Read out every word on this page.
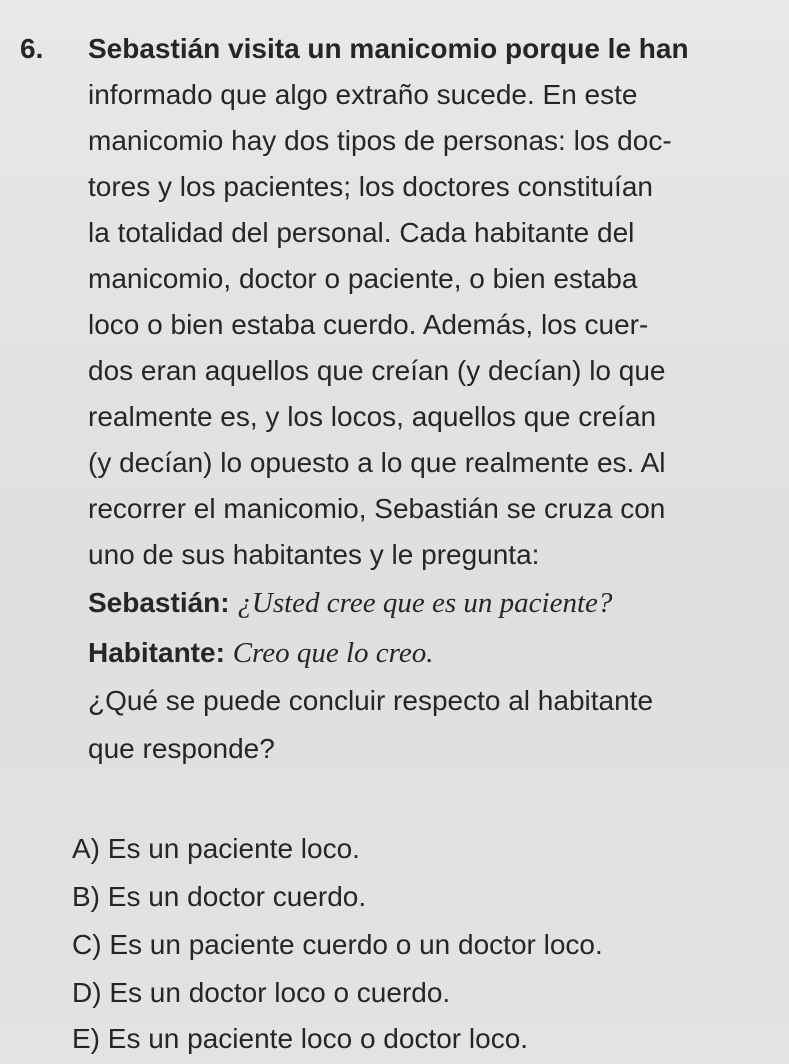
6. Sebastián visita un manicomio porque le han
informado que algo extraño sucede. En este
manicomio hay dos tipos de personas: los doc-
tores y los pacientes; los doctores constituían
la totalidad del personal. Cada habitante del
manicomio, doctor o paciente, o bien estaba
loco o bien estaba cuerdo. Además, los cuer-
dos eran aquellos que creían (y decían) lo que
realmente es, y los locos, aquellos que creían
(y decían) lo opuesto a lo que realmente es. Al
recorrer el manicomio, Sebastián se cruza con
uno de sus habitantes y le pregunta:
Sebastián: ¿Usted cree que es un paciente?
Habitante: Creo que lo creo.
¿Qué se puede concluir respecto al habitante
que responde?
A) Es un paciente loco.
B) Es un doctor cuerdo.
C) Es un paciente cuerdo o un doctor loco.
D) Es un doctor loco o cuerdo.
E) Es un paciente loco o doctor loco.
